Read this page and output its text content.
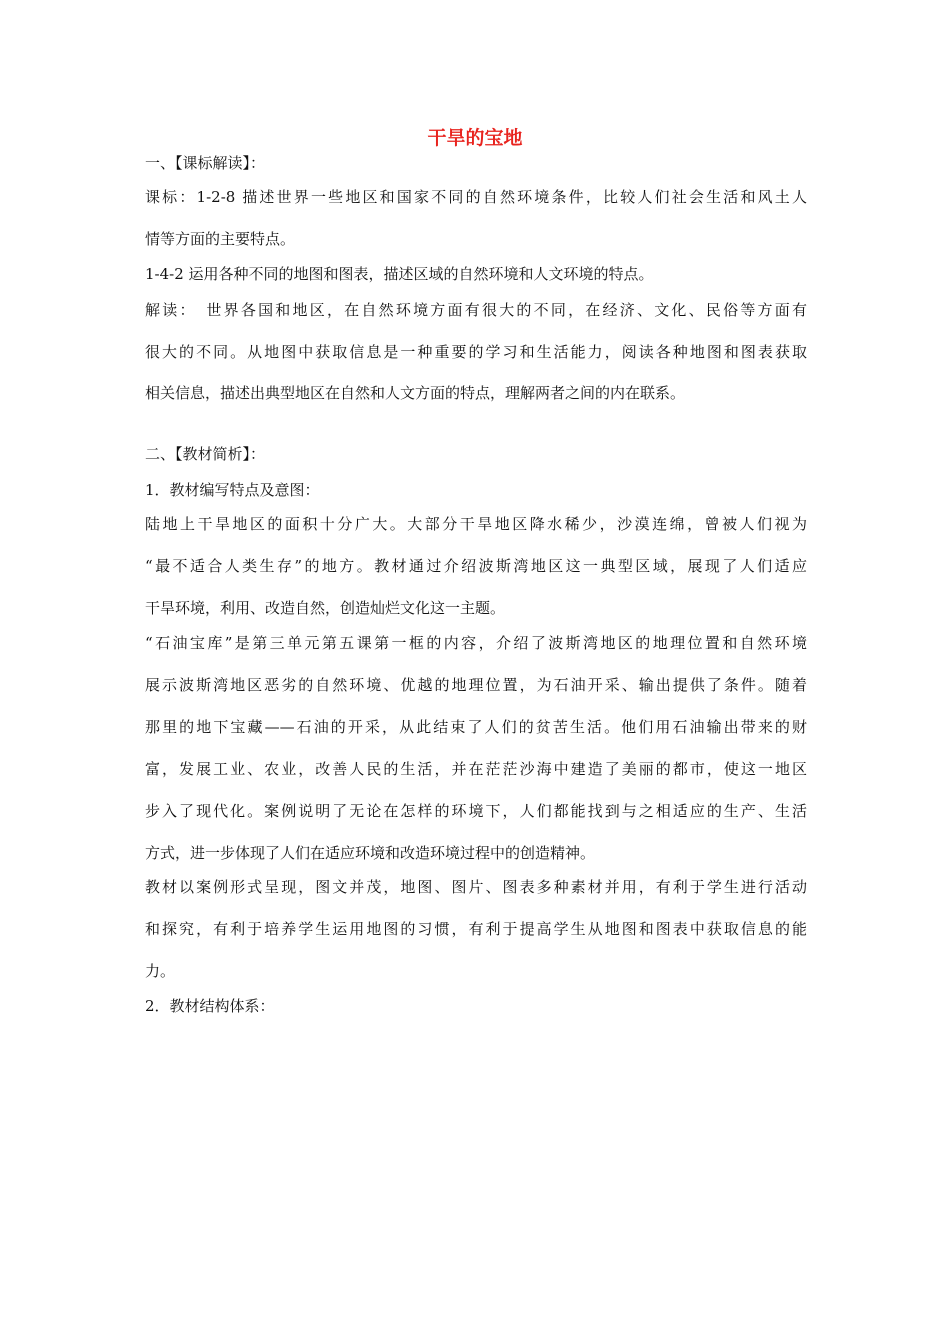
干旱的宝地
一、【课标解读】：
课标：1-2-8 描述世界一些地区和国家不同的自然环境条件，比较人们社会生活和风土人
情等方面的主要特点。
1-4-2 运用各种不同的地图和图表，描述区域的自然环境和人文环境的特点。
解读：　世界各国和地区，在自然环境方面有很大的不同，在经济、文化、民俗等方面有
很大的不同。从地图中获取信息是一种重要的学习和生活能力，阅读各种地图和图表获取
相关信息，描述出典型地区在自然和人文方面的特点，理解两者之间的内在联系。
二、【教材简析】：
1．教材编写特点及意图：
陆地上干旱地区的面积十分广大。大部分干旱地区降水稀少，沙漠连绵，曾被人们视为
“最不适合人类生存”的地方。教材通过介绍波斯湾地区这一典型区域，展现了人们适应
干旱环境，利用、改造自然，创造灿烂文化这一主题。
“石油宝库”是第三单元第五课第一框的内容，介绍了波斯湾地区的地理位置和自然环境
展示波斯湾地区恶劣的自然环境、优越的地理位置，为石油开采、输出提供了条件。随着
那里的地下宝藏——石油的开采，从此结束了人们的贫苦生活。他们用石油输出带来的财
富，发展工业、农业，改善人民的生活，并在茫茫沙海中建造了美丽的都市，使这一地区
步入了现代化。案例说明了无论在怎样的环境下，人们都能找到与之相适应的生产、生活
方式，进一步体现了人们在适应环境和改造环境过程中的创造精神。
教材以案例形式呈现，图文并茂，地图、图片、图表多种素材并用，有利于学生进行活动
和探究，有利于培养学生运用地图的习惯，有利于提高学生从地图和图表中获取信息的能
力。
2．教材结构体系：
